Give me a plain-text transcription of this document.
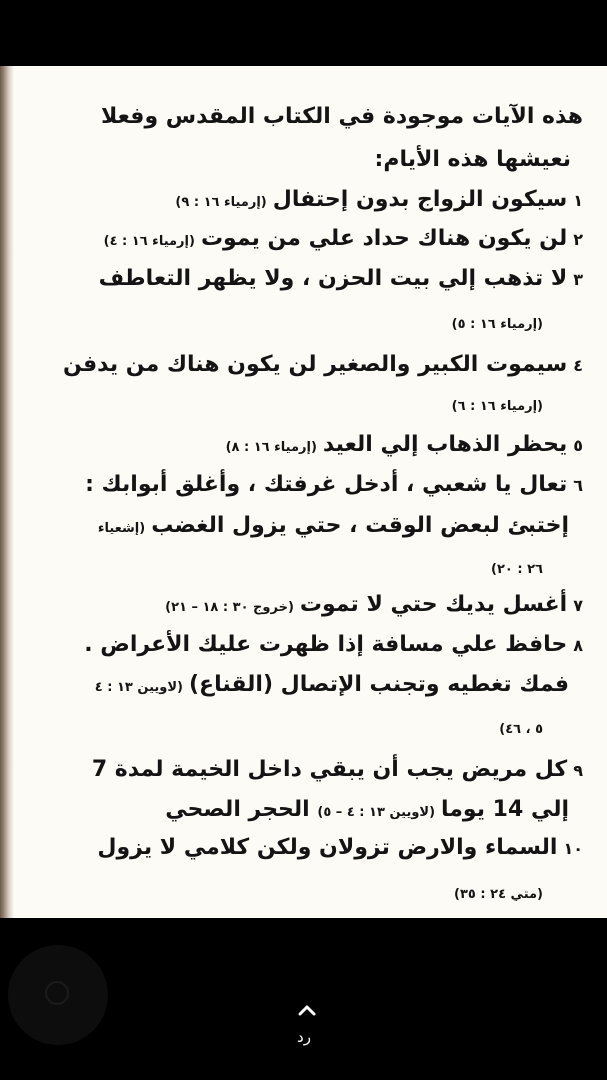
هذه الآيات موجودة في الكتاب المقدس وفعلا
نعيشها هذه الأيام:
١سيكون الزواج بدون إحتفال(إرمياء ١٦ : ٩)
٢لن يكون هناك حداد علي من يموت(إرمياء ١٦ : ٤)
٣لا تذهب إلي بيت الحزن ، ولا يظهر التعاطف
(إرمياء ١٦ : ٥)
٤سيموت الكبير والصغير لن يكون هناك من يدفن
(إرمياء ١٦ : ٦)
٥يحظر الذهاب إلي العيد(إرمياء ١٦ : ٨)
٦تعال يا شعبي ، أدخل غرفتك ، وأغلق أبوابك :
إختبئ لبعض الوقت ، حتي يزول الغضب(إشعياء
٢٦ : ٢٠)
٧أغسل يديك حتي لا تموت(خروج ٣٠ : ١٨ – ٢١)
٨حافظ علي مسافة إذا ظهرت عليك الأعراض .
فمك تغطيه وتجنب الإتصال (القناع)(لاويين ١٣ : ٤
٥ ، ٤٦)
٩كل مريض يجب أن يبقي داخل الخيمة لمدة 7
إلي 14 يوما(لاويين ١٣ : ٤ – ٥) الحجر الصحي
١٠السماء والارض تزولان ولكن كلامي لا يزول
(متي ٢٤ : ٣٥)
رد
